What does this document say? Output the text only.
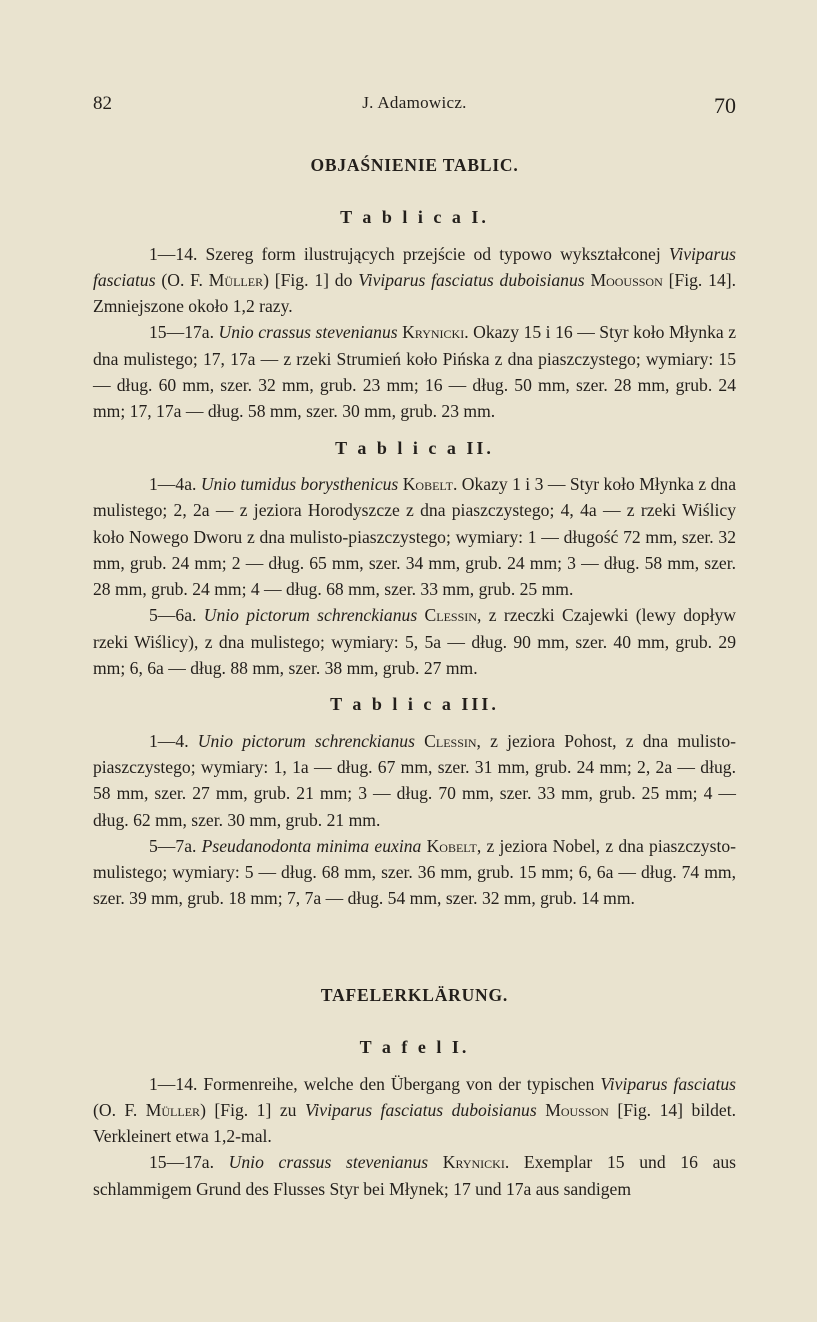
82	J. Adamowicz.	70
OBJAŚNIENIE TABLIC.
T a b l i c a I.

1—14. Szereg form ilustrujących przejście od typowo wykształconej Viviparus fasciatus (O. F. Müller) [Fig. 1] do Viviparus fasciatus duboisianus Moousson [Fig. 14]. Zmniejszone około 1,2 razy.

15—17a. Unio crassus stevenianus Krynicki. Okazy 15 i 16 — Styr koło Młynka z dna mulistego; 17, 17a — z rzeki Strumień koło Pińska z dna piaszczystego; wymiary: 15 — dług. 60 mm, szer. 32 mm, grub. 23 mm; 16 — dług. 50 mm, szer. 28 mm, grub. 24 mm; 17, 17a — dług. 58 mm, szer. 30 mm, grub. 23 mm.

T a b l i c a II.

1—4a. Unio tumidus borysthenicus Kobelt. Okazy 1 i 3 — Styr koło Młynka z dna mulistego; 2, 2a — z jeziora Horodyszcze z dna piaszczystego; 4, 4a — z rzeki Wiślicy koło Nowego Dworu z dna mulisto-piaszczystego; wymiary: 1 — długość 72 mm, szer. 32 mm, grub. 24 mm; 2 — dług. 65 mm, szer. 34 mm, grub. 24 mm; 3 — dług. 58 mm, szer. 28 mm, grub. 24 mm; 4 — dług. 68 mm, szer. 33 mm, grub. 25 mm.

5—6a. Unio pictorum schrenckianus Clessin, z rzeczki Czajewki (lewy dopływ rzeki Wiślicy), z dna mulistego; wymiary: 5, 5a — dług. 90 mm, szer. 40 mm, grub. 29 mm; 6, 6a — dług. 88 mm, szer. 38 mm, grub. 27 mm.

T a b l i c a III.

1—4. Unio pictorum schrenckianus Clessin, z jeziora Pohost, z dna mulisto-piaszczystego; wymiary: 1, 1a — dług. 67 mm, szer. 31 mm, grub. 24 mm; 2, 2a — dług. 58 mm, szer. 27 mm, grub. 21 mm; 3 — dług. 70 mm, szer. 33 mm, grub. 25 mm; 4 — dług. 62 mm, szer. 30 mm, grub. 21 mm.

5—7a. Pseudanodonta minima euxina Kobelt, z jeziora Nobel, z dna piaszczysto-mulistego; wymiary: 5 — dług. 68 mm, szer. 36 mm, grub. 15 mm; 6, 6a — dług. 74 mm, szer. 39 mm, grub. 18 mm; 7, 7a — dług. 54 mm, szer. 32 mm, grub. 14 mm.

TAFELERKLÄRUNG.
T a f e l I.

1—14. Formenreihe, welche den Übergang von der typischen Viviparus fasciatus (O. F. Müller) [Fig. 1] zu Viviparus fasciatus duboisianus Mousson [Fig. 14] bildet. Verkleinert etwa 1,2-mal.

15—17a. Unio crassus stevenianus Krynicki. Exemplar 15 und 16 aus schlammigem Grund des Flusses Styr bei Młynek; 17 und 17a aus sandigem
